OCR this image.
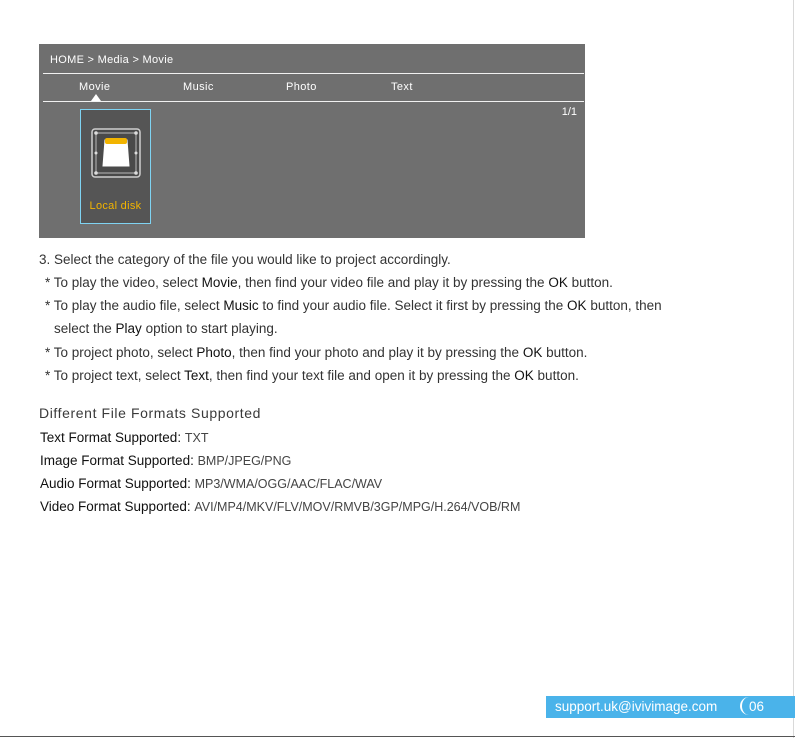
HOME > Media > Movie
Movie	Music	Photo	Text
1/1
Local disk
3. Select the category of the file you would like to project accordingly.
* To play the video, select Movie, then find your video file and play it by pressing the OK button.
* To play the audio file, select Music to find your audio file. Select it first by pressing the OK button, then
select the Play option to start playing.
* To project photo, select Photo, then find your photo and play it by pressing the OK button.
* To project text, select Text, then find your text file and open it by pressing the OK button.
Different File Formats Supported
Text Format Supported: TXT
Image Format Supported: BMP/JPEG/PNG
Audio Format Supported: MP3/WMA/OGG/AAC/FLAC/WAV
Video Format Supported: AVI/MP4/MKV/FLV/MOV/RMVB/3GP/MPG/H.264/VOB/RM
support.uk@ivivimage.com	06
